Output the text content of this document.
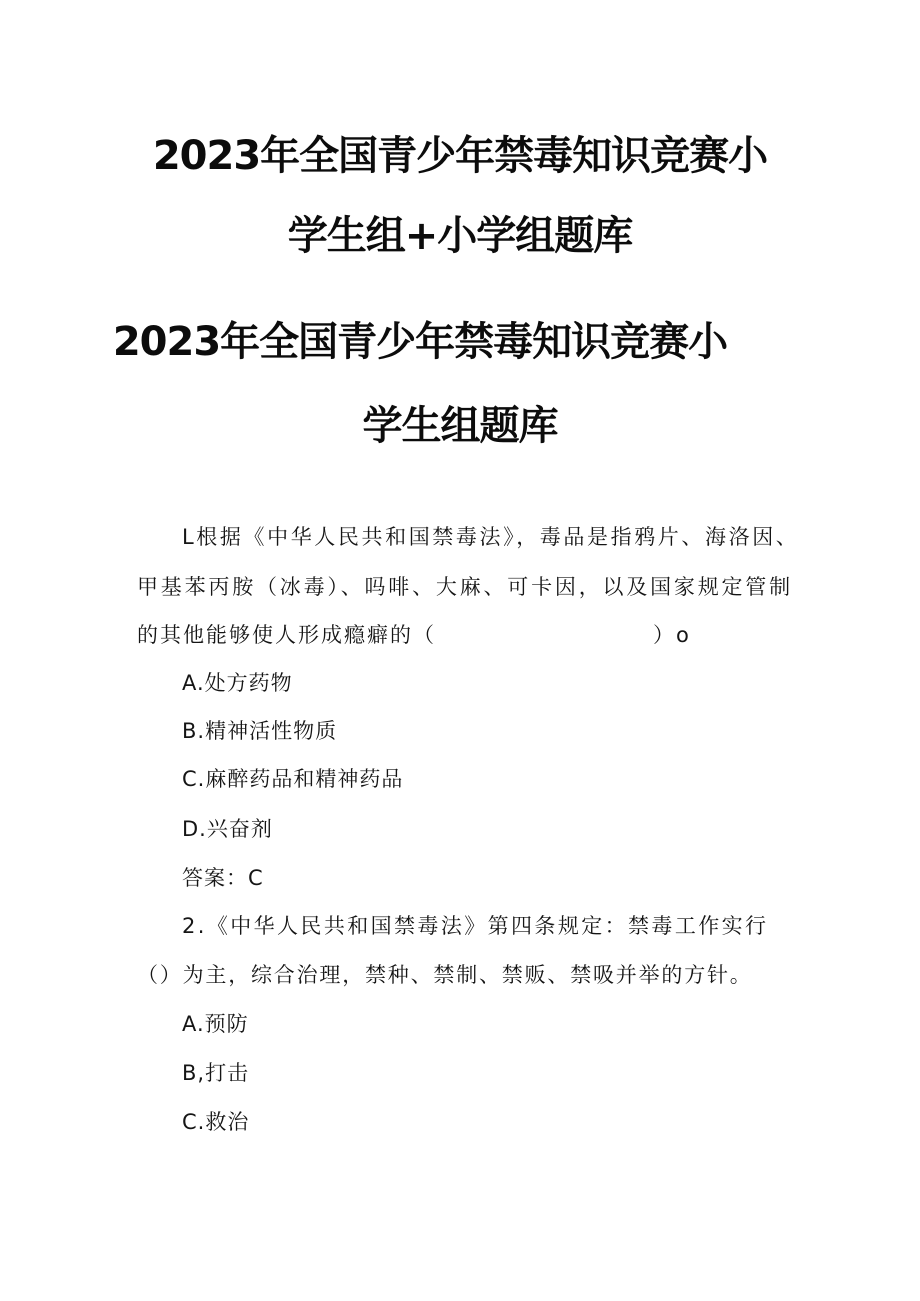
2023年全国青少年禁毒知识竞赛小
学生组+小学组题库
2023年全国青少年禁毒知识竞赛小
学生组题库
L根据《中华人民共和国禁毒法》，毒品是指鸦片、海洛因、
甲基苯丙胺（冰毒）、吗啡、大麻、可卡因，以及国家规定管制
的其他能够使人形成瘾癖的（	）o
A.处方药物
B.精神活性物质
C.麻醉药品和精神药品
D.兴奋剂
答案：C
2.《中华人民共和国禁毒法》第四条规定：禁毒工作实行
（）为主，综合治理，禁种、禁制、禁贩、禁吸并举的方针。
A.预防
B,打击
C.救治
